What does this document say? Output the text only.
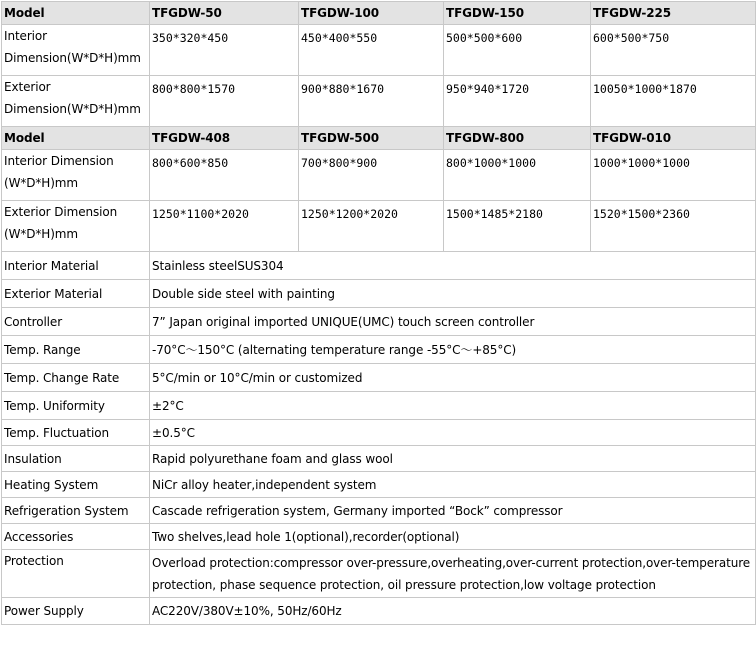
Model	TFGDW-50	TFGDW-100	TFGDW-150	TFGDW-225
Interior Dimension(W*D*H)mm	350*320*450	450*400*550	500*500*600	600*500*750
Exterior Dimension(W*D*H)mm	800*800*1570	900*880*1670	950*940*1720	10050*1000*1870
Model	TFGDW-408	TFGDW-500	TFGDW-800	TFGDW-010
Interior Dimension (W*D*H)mm	800*600*850	700*800*900	800*1000*1000	1000*1000*1000
Exterior Dimension (W*D*H)mm	1250*1100*2020	1250*1200*2020	1500*1485*2180	1520*1500*2360
Interior Material	Stainless steelSUS304			
Exterior Material	Double side steel with painting			
Controller	7” Japan original imported UNIQUE(UMC) touch screen controller			
Temp. Range	-70°C～150°C (alternating temperature range -55°C～+85°C)			
Temp. Change Rate	5°C/min or 10°C/min or customized			
Temp. Uniformity	±2°C			
Temp. Fluctuation	±0.5°C			
Insulation	Rapid polyurethane foam and glass wool			
Heating System	NiCr alloy heater,independent system			
Refrigeration System	Cascade refrigeration system, Germany imported “Bock” compressor			
Accessories	Two shelves,lead hole 1(optional),recorder(optional)			
Protection	Overload protection:compressor over-pressure,overheating,over-current protection,over-temperature protection, phase sequence protection, oil pressure protection,low voltage protection			
Power Supply	AC220V/380V±10%, 50Hz/60Hz			
